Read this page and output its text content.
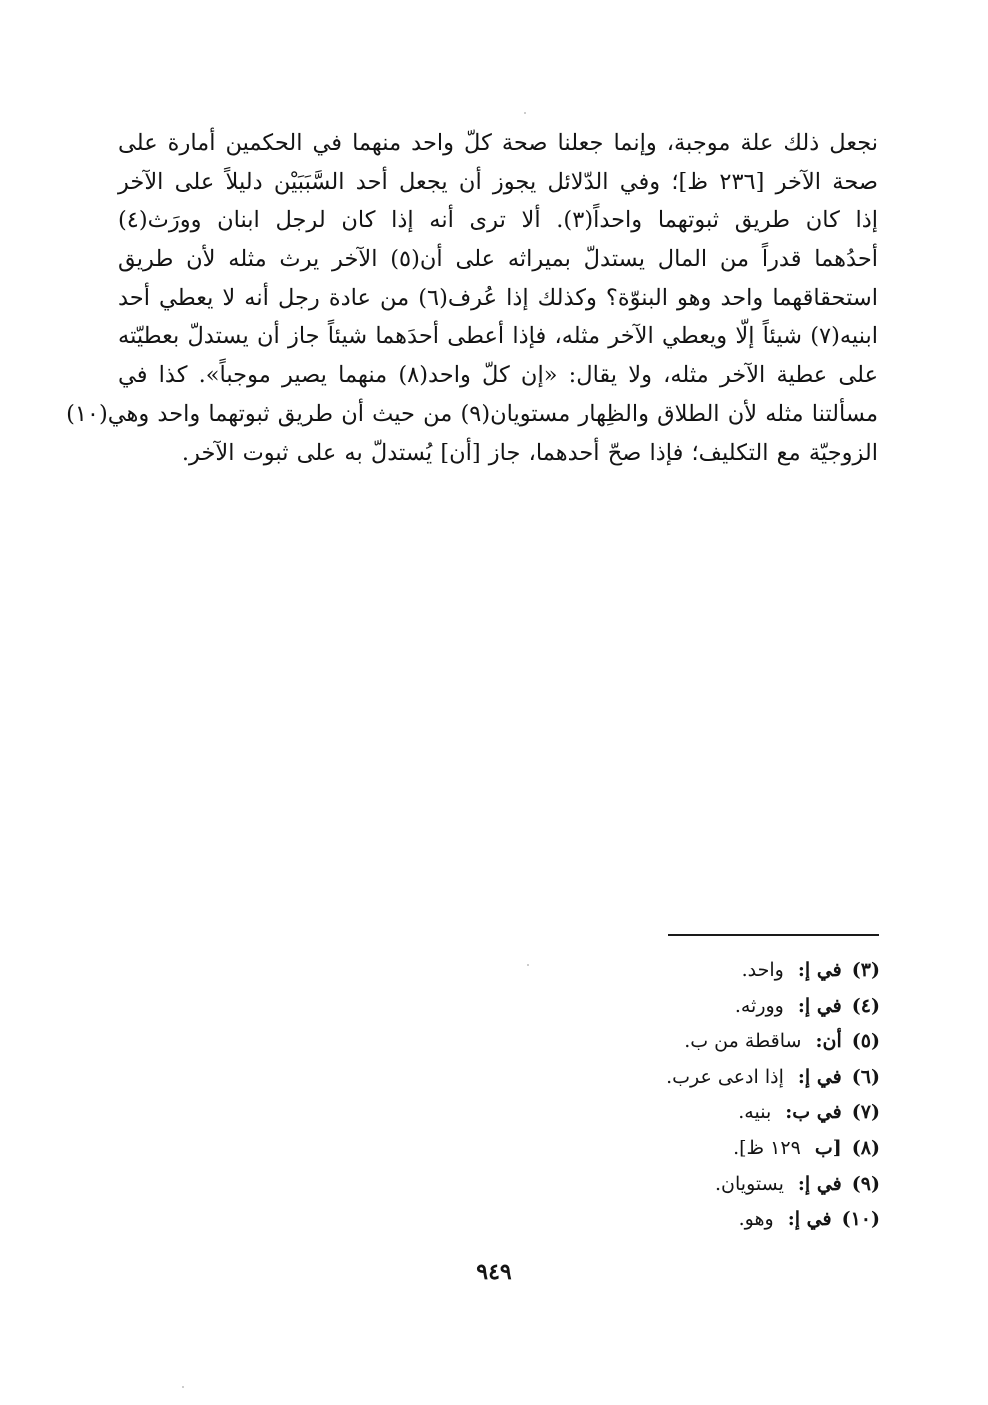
نجعل ذلك علة موجبة، وإنما جعلنا صحة كلّ واحد منهما في الحكمين أمارة على
صحة الآخر [٢٣٦ ظ]؛ وفي الدّلائل يجوز أن يجعل أحد السَّبَبَيْن دليلاً على الآخر
إذا كان طريق ثبوتهما واحداً(٣). ألا ترى أنه إذا كان لرجل ابنان وورَث(٤)
أحدُهما قدراً من المال يستدلّ بميراثه على أن(٥) الآخر يرث مثله لأن طريق
استحقاقهما واحد وهو البنوّة؟ وكذلك إذا عُرف(٦) من عادة رجل أنه لا يعطي أحد
ابنيه(٧) شيئاً إلّا ويعطي الآخر مثله، فإذا أعطى أحدَهما شيئاً جاز أن يستدلّ بعطيّته
على عطية الآخر مثله، ولا يقال: «إن كلّ واحد(٨) منهما يصير موجباً». كذا في
مسألتنا مثله لأن الطلاق والظِهار مستويان(٩) من حيث أن طريق ثبوتهما واحد وهي(١٠)
الزوجيّة مع التكليف؛ فإذا صحّ أحدهما، جاز [أن] يُستدلّ به على ثبوت الآخر.
(٣) في إ: واحد.
(٤) في إ: وورثه.
(٥) أن: ساقطة من ب.
(٦) في إ: إذا ادعى عرب.
(٧) في ب: بنيه.
(٨) [ب ١٢٩ ظ].
(٩) في إ: يستويان.
(١٠) في إ: وهو.
٩٤٩
